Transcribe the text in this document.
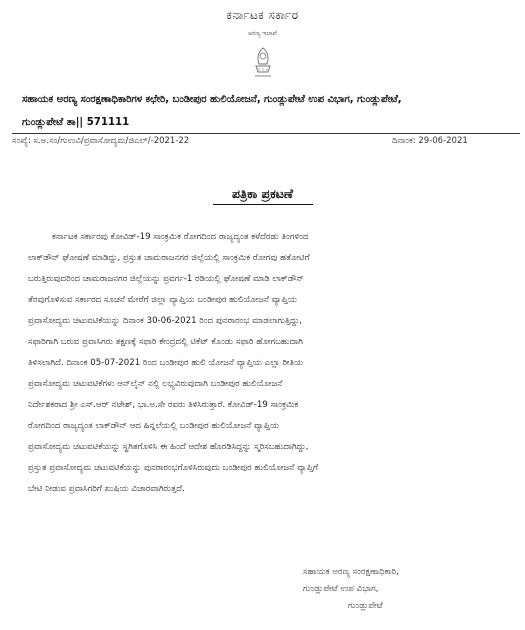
ಕರ್ನಾಟಕ ಸರ್ಕಾರ
ಅರಣ್ಯ ಇಲಾಖೆ
ಸಹಾಯಕ ಅರಣ್ಯ ಸಂರಕ್ಷಣಾಧಿಕಾರಿಗಳ ಕಛೇರಿ, ಬಂಡೀಪುರ ಹುಲಿಯೋಜನೆ, ಗುಂಡ್ಲುಪೇಟೆ ಉಪ ವಿಭಾಗ, ಗುಂಡ್ಲುಪೇಟೆ,
ಗುಂಡ್ಲುಪೇಟೆ ತಾ|| 571111
ಸಂಖ್ಯೆ: ಸ.ಅ.ಸಂ/ಗುಉವಿ/ಪ್ರವಾಸೋದ್ಯಮ/ಜಿಎಲ್/-2021-22	ದಿನಾಂಕ: 29-06-2021
ಪತ್ರಿಕಾ ಪ್ರಕಟಣೆ
ಕರ್ನಾಟಕ ಸರ್ಕಾರವು ಕೋವಿಡ್-19 ಸಾಂಕ್ರಮಿಕ ರೋಗದಿಂದ ರಾಜ್ಯದ್ಯಂತ ಕಳೆದೆರಡು ತಿಂಗಳಿಂದ
ಲಾಕ್‌ಡೌನ್ ಘೋಷಣೆ ಮಾಡಿದ್ದು, ಪ್ರಸ್ತುತ ಚಾಮರಾಜನಗರ ಜಿಲ್ಲೆಯಲ್ಲಿ ಸಾಂಕ್ರಮಿಕ ರೋಗವು ಹತೋಟಿಗೆ
ಬರುತ್ತಿರುವುದರಿಂದ ಚಾಮರಾಜನಗರ ಜಿಲ್ಲೆಯನ್ನು ಪ್ರವರ್ಗ-1 ರಡಿಯಲ್ಲಿ ಘೋಷಣೆ ಮಾಡಿ ಲಾಕ್‌ಡೌನ್
ತೆರವುಗೊಳಿಸುವ ಸರ್ಕಾರದ ಸೂಚನೆ ಮೇರೆಗೆ ಜಿಲ್ಲಾ ವ್ಯಾಪ್ತಿಯ ಬಂಡೀಪುರ ಹುಲಿಯೋಜನೆ ವ್ಯಾಪ್ತಿಯ
ಪ್ರವಾಸೋದ್ಯಮ ಚಟುವಟಿಕೆಯನ್ನು ದಿನಾಂಕ 30-06-2021 ರಿಂದ ಪುನರಾರಂಭ ಮಾಡಲಾಗುತ್ತಿದ್ದು,
ಸಫಾರಿಗಾಗಿ ಬರುವ ಪ್ರವಾಸಿಗರು ತಕ್ಷಣಕ್ಕೆ ಸಫಾರಿ ಕೇಂದ್ರದಲ್ಲಿ ಟಿಕೆಟ್ ಕೊಂಡು ಸಫಾರಿ ಹೋಗಬಹುದಾಗಿ
ತಿಳಿಸಲಾಗಿದೆ. ದಿನಾಂಕ 05-07-2021 ರಿಂದ ಬಂಡೀಪುರ ಹುಲಿ ಯೋಜನೆ ವ್ಯಾಪ್ತಿಯ ಎಲ್ಲಾ ರೀತಿಯ
ಪ್ರವಾಸೋದ್ಯಮ ಚಟುವಟಿಕೆಗಳು ಆನ್‌ಲೈನ್ ನಲ್ಲಿ ಲಭ್ಯವಿರುವುದಾಗಿ ಬಂಡೀಪುರ ಹುಲಿಯೋಜನೆ
ನಿರ್ದೇಶಕರಾದ ಶ್ರೀ ಎಸ್.ಆರ್ ನಟೇಶ್, ಭಾ.ಅ.ಸೇ ರವರು ತಿಳಿಸಿರುತ್ತಾರೆ. ಕೋವಿಡ್-19 ಸಾಂಕ್ರಮಿಕ
ರೋಗದಿಂದ ರಾಜ್ಯದ್ಯಂತ ಲಾಕ್‌ಡೌನ್ ಆದ ಹಿನ್ನಲೆಯಲ್ಲಿ ಬಂಡೀಪುರ ಹುಲಿಯೋಜನೆ ವ್ಯಾಪ್ತಿಯ
ಪ್ರವಾಸೋದ್ಯಮ ಚಟುವಟಿಕೆಯನ್ನು ಸ್ಥಗಿತಗೊಳಿಸಿ ಈ ಹಿಂದೆ ಆದೇಶ ಹೊರಡಿಸಿದ್ದನ್ನು ಸ್ಮರಿಸಬಹುದಾಗಿದ್ದು,
ಪ್ರಸ್ತುತ ಪ್ರವಾಸೋದ್ಯಮ ಚಟುವಟಿಕೆಯನ್ನು ಪುನರಾರಂಭಗೊಳಿಸಿರುವುದು ಬಂಡೀಪುರ ಹುಲಿಯೋಜನೆ ವ್ಯಾಪ್ತಿಗೆ
ಬೇಟಿ ನೀಡುವ ಪ್ರವಾಸಿಗರಿಗೆ ಖುಷಿಯ ವಿಚಾರವಾಗಿರುತ್ತದೆ.
ಸಹಾಯಕ ಅರಣ್ಯ ಸಂರಕ್ಷಣಾಧಿಕಾರಿ,
ಗುಂಡ್ಲುಪೇಟೆ ಉಪ ವಿಭಾಗ,
ಗುಂಡ್ಲುಪೇಟೆ
